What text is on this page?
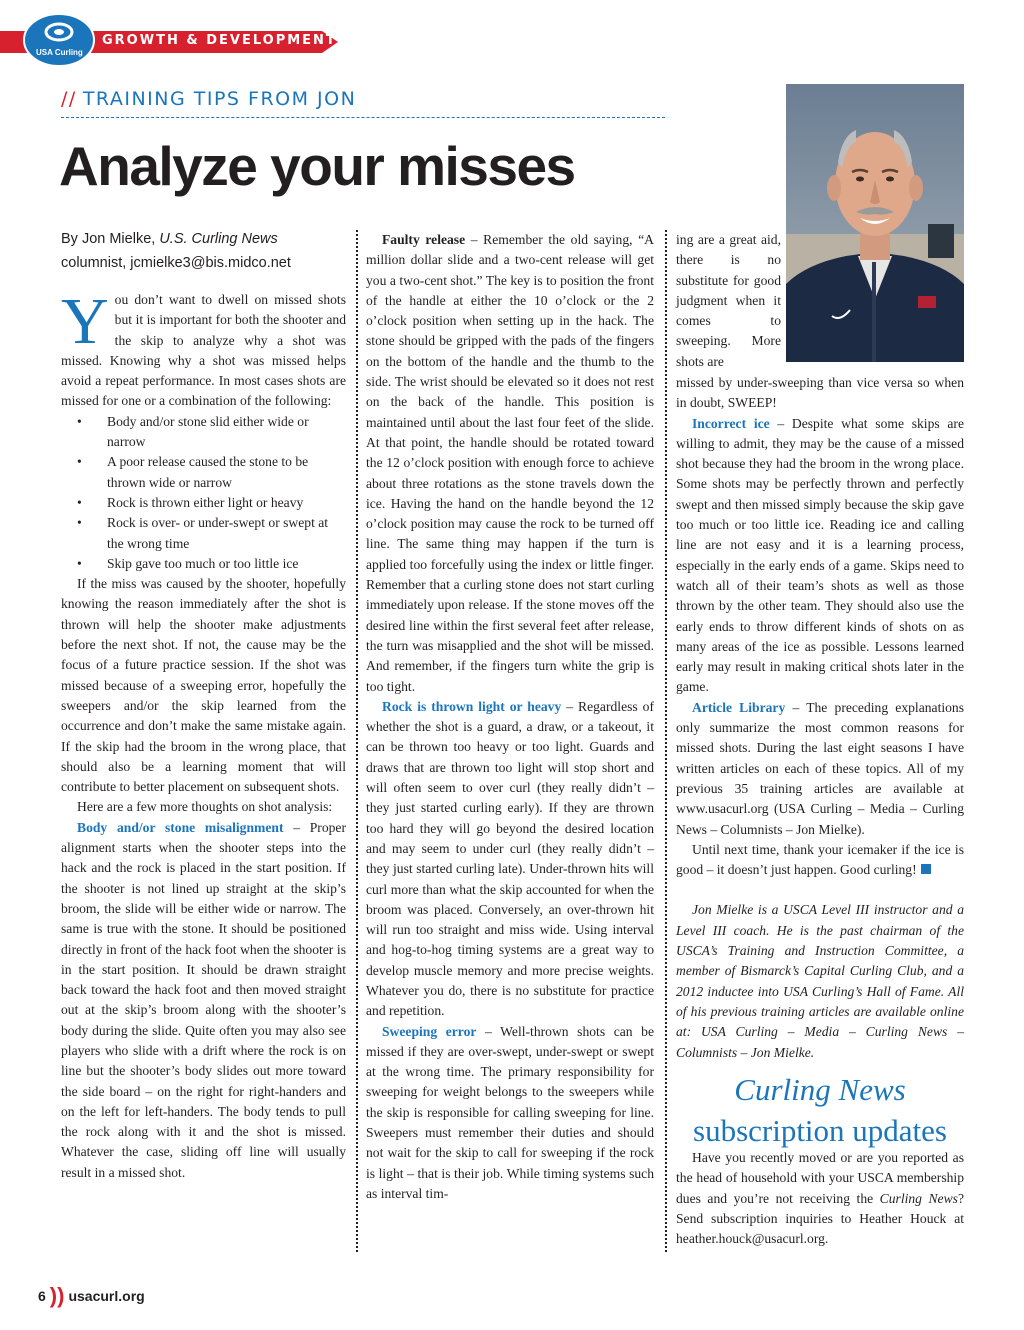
GROWTH & DEVELOPMENT
USA Curling
// TRAINING TIPS FROM JON
Analyze your misses
By Jon Mielke, U.S. Curling News
columnist, jcmielke3@bis.midco.net

You don’t want to dwell on missed shots but it is important for both the shooter and the skip to analyze why a shot was missed. Knowing why a shot was missed helps avoid a repeat performance. In most cases shots are missed for one or a combination of the following:

• Body and/or stone slid either wide or narrow
• A poor release caused the stone to be thrown wide or narrow
• Rock is thrown either light or heavy
• Rock is over- or under-swept or swept at the wrong time
• Skip gave too much or too little ice

If the miss was caused by the shooter, hopefully knowing the reason immediately after the shot is thrown will help the shooter make adjustments before the next shot. If not, the cause may be the focus of a future practice session. If the shot was missed because of a sweeping error, hopefully the sweepers and/or the skip learned from the occurrence and don’t make the same mistake again. If the skip had the broom in the wrong place, that should also be a learning moment that will contribute to better placement on subsequent shots.

Here are a few more thoughts on shot analysis:

Body and/or stone misalignment – Proper alignment starts when the shooter steps into the hack and the rock is placed in the start position. If the shooter is not lined up straight at the skip’s broom, the slide will be either wide or narrow. The same is true with the stone. It should be positioned directly in front of the hack foot when the shooter is in the start position. It should be drawn straight back toward the hack foot and then moved straight out at the skip’s broom along with the shooter’s body during the slide. Quite often you may also see players who slide with a drift where the rock is on line but the shooter’s body slides out more toward the side board – on the right for right-handers and on the left for left-handers. The body tends to pull the rock along with it and the shot is missed. Whatever the case, sliding off line will usually result in a missed shot.

Faulty release – Remember the old saying, “A million dollar slide and a two-cent release will get you a two-cent shot.” The key is to position the front of the handle at either the 10 o’clock or the 2 o’clock position when setting up in the hack. The stone should be gripped with the pads of the fingers on the bottom of the handle and the thumb to the side. The wrist should be elevated so it does not rest on the back of the handle. This position is maintained until about the last four feet of the slide. At that point, the handle should be rotated toward the 12 o’clock position with enough force to achieve about three rotations as the stone travels down the ice. Having the hand on the handle beyond the 12 o’clock position may cause the rock to be turned off line. The same thing may happen if the turn is applied too forcefully using the index or little finger. Remember that a curling stone does not start curling immediately upon release. If the stone moves off the desired line within the first several feet after release, the turn was misapplied and the shot will be missed. And remember, if the fingers turn white the grip is too tight.

Rock is thrown light or heavy – Regardless of whether the shot is a guard, a draw, or a takeout, it can be thrown too heavy or too light. Guards and draws that are thrown too light will stop short and will often seem to over curl (they really didn’t – they just started curling early). If they are thrown too hard they will go beyond the desired location and may seem to under curl (they really didn’t – they just started curling late). Under-thrown hits will curl more than what the skip accounted for when the broom was placed. Conversely, an over-thrown hit will run too straight and miss wide. Using interval and hog-to-hog timing systems are a great way to develop muscle memory and more precise weights. Whatever you do, there is no substitute for practice and repetition.

Sweeping error – Well-thrown shots can be missed if they are over-swept, under-swept or swept at the wrong time. The primary responsibility for sweeping for weight belongs to the sweepers while the skip is responsible for calling sweeping for line. Sweepers must remember their duties and should not wait for the skip to call for sweeping if the rock is light – that is their job. While timing systems such as interval tim-

ing are a great aid, there is no substitute for good judgment when it comes to sweeping. More shots are

missed by under-sweeping than vice versa so when in doubt, SWEEP!

Incorrect ice – Despite what some skips are willing to admit, they may be the cause of a missed shot because they had the broom in the wrong place. Some shots may be perfectly thrown and perfectly swept and then missed simply because the skip gave too much or too little ice. Reading ice and calling line are not easy and it is a learning process, especially in the early ends of a game. Skips need to watch all of their team’s shots as well as those thrown by the other team. They should also use the early ends to throw different kinds of shots on as many areas of the ice as possible. Lessons learned early may result in making critical shots later in the game.

Article Library – The preceding explanations only summarize the most common reasons for missed shots. During the last eight seasons I have written articles on each of these topics. All of my previous 35 training articles are available at www.usacurl.org (USA Curling – Media – Curling News – Columnists – Jon Mielke).

Until next time, thank your icemaker if the ice is good – it doesn’t just happen. Good curling!

Jon Mielke is a USCA Level III instructor and a Level III coach. He is the past chairman of the USCA’s Training and Instruction Committee, a member of Bismarck’s Capital Curling Club, and a 2012 inductee into USA Curling’s Hall of Fame. All of his previous training articles are available online at: USA Curling – Media – Curling News – Columnists – Jon Mielke.

Curling News
subscription updates

Have you recently moved or are you reported as the head of household with your USCA membership dues and you’re not receiving the Curling News? Send subscription inquiries to Heather Houck at heather.houck@usacurl.org.

6 )) usacurl.org
